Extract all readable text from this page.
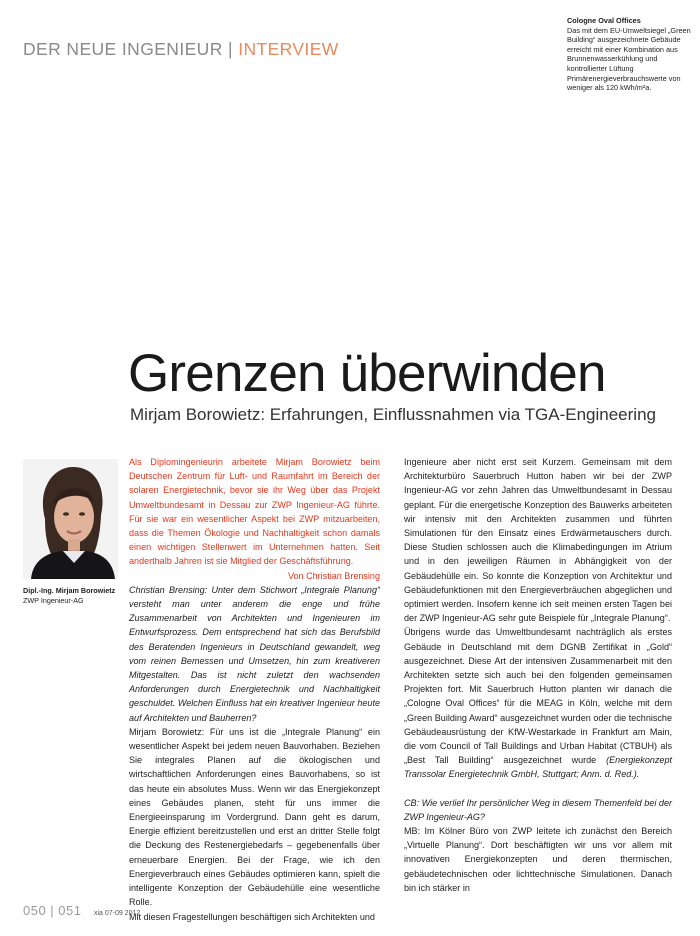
DER NEUE INGENIEUR | INTERVIEW
Cologne Oval Offices
Das mit dem EU-Umweltsiegel „Green Building“ ausgezeichnete Gebäude erreicht mit einer Kombination aus Brunnenwasserkühlung und kontrollierter Lüftung Primärenergieverbrauchswerte von weniger als 120 kWh/m²a.
Grenzen überwinden
Mirjam Borowietz: Erfahrungen, Einflussnahmen via TGA-Engineering
Dipl.-Ing. Mirjam Borowietz
ZWP Ingenieur-AG

Als Diplomingenieurin arbeitete Mirjam Borowietz beim Deutschen Zentrum für Luft- und Raumfahrt im Bereich der solaren Energietechnik, bevor sie ihr Weg über das Projekt Umweltbundesamt in Dessau zur ZWP Ingenieur-AG führte. Für sie war ein wesentlicher Aspekt bei ZWP mitzuarbeiten, dass die Themen Ökologie und Nachhaltigkeit schon damals einen wichtigen Stellenwert im Unternehmen hatten. Seit anderthalb Jahren ist sie Mitglied der Geschäftsführung.
Von Christian Brensing

Christian Brensing: Unter dem Stichwort „Integrale Planung“ versteht man unter anderem die enge und frühe Zusammenarbeit von Architekten und Ingenieuren im Entwurfsprozess. Dem entsprechend hat sich das Berufsbild des Beratenden Ingenieurs in Deutschland gewandelt, weg vom reinen Bemessen und Umsetzen, hin zum kreativeren Mitgestalten. Das ist nicht zuletzt den wachsenden Anforderungen durch Energietechnik und Nachhaltigkeit geschuldet. Welchen Einfluss hat ein kreativer Ingenieur heute auf Architekten und Bauherren?

Mirjam Borowietz: Für uns ist die „Integrale Planung“ ein wesentlicher Aspekt bei jedem neuen Bauvorhaben. Beziehen Sie integrales Planen auf die ökologischen und wirtschaftlichen Anforderungen eines Bauvorhabens, so ist das heute ein absolutes Muss. Wenn wir das Energiekonzept eines Gebäudes planen, steht für uns immer die Energieeinsparung im Vordergrund. Dann geht es darum, Energie effizient bereitzustellen und erst an dritter Stelle folgt die Deckung des Restenergiebedarfs – gegebenenfalls über erneuerbare Energien. Bei der Frage, wie ich den Energieverbrauch eines Gebäudes optimieren kann, spielt die intelligente Konzeption der Gebäudehülle eine wesentliche Rolle.

Mit diesen Fragestellungen beschäftigen sich Architekten und

Ingenieure aber nicht erst seit Kurzem. Gemeinsam mit dem Architekturbüro Sauerbruch Hutton haben wir bei der ZWP Ingenieur-AG vor zehn Jahren das Umweltbundesamt in Dessau geplant. Für die energetische Konzeption des Bauwerks arbeiteten wir intensiv mit den Architekten zusammen und führten Simulationen für den Einsatz eines Erdwärmetauschers durch. Diese Studien schlossen auch die Klimabedingungen im Atrium und in den jeweiligen Räumen in Abhängigkeit von der Gebäudehülle ein. So konnte die Konzeption von Architektur und Gebäudefunktionen mit den Energieverbräuchen abgeglichen und optimiert werden. Insofern kenne ich seit meinen ersten Tagen bei der ZWP Ingenieur-AG sehr gute Beispiele für „Integrale Planung“.

Übrigens wurde das Umweltbundesamt nachträglich als erstes Gebäude in Deutschland mit dem DGNB Zertifikat in „Gold“ ausgezeichnet. Diese Art der intensiven Zusammenarbeit mit den Architekten setzte sich auch bei den folgenden gemeinsamen Projekten fort. Mit Sauerbruch Hutton planten wir danach die „Cologne Oval Offices“ für die MEAG in Köln, welche mit dem „Green Building Award“ ausgezeichnet wurden oder die technische Gebäudeausrüstung der KfW-Westarkade in Frankfurt am Main, die vom Council of Tall Buildings and Urban Habitat (CTBUH) als „Best Tall Building“ ausgezeichnet wurde (Energiekonzept Transsolar Energietechnik GmbH, Stuttgart; Anm. d. Red.).

CB: Wie verlief Ihr persönlicher Weg in diesem Themenfeld bei der ZWP Ingenieur-AG?

MB: Im Kölner Büro von ZWP leitete ich zunächst den Bereich „Virtuelle Planung“. Dort beschäftigten wir uns vor allem mit innovativen Energiekonzepten und deren thermischen, gebäudetechnischen oder lichttechnische Simulationen. Danach bin ich stärker in

050 | 051 xia 07-09 2012
